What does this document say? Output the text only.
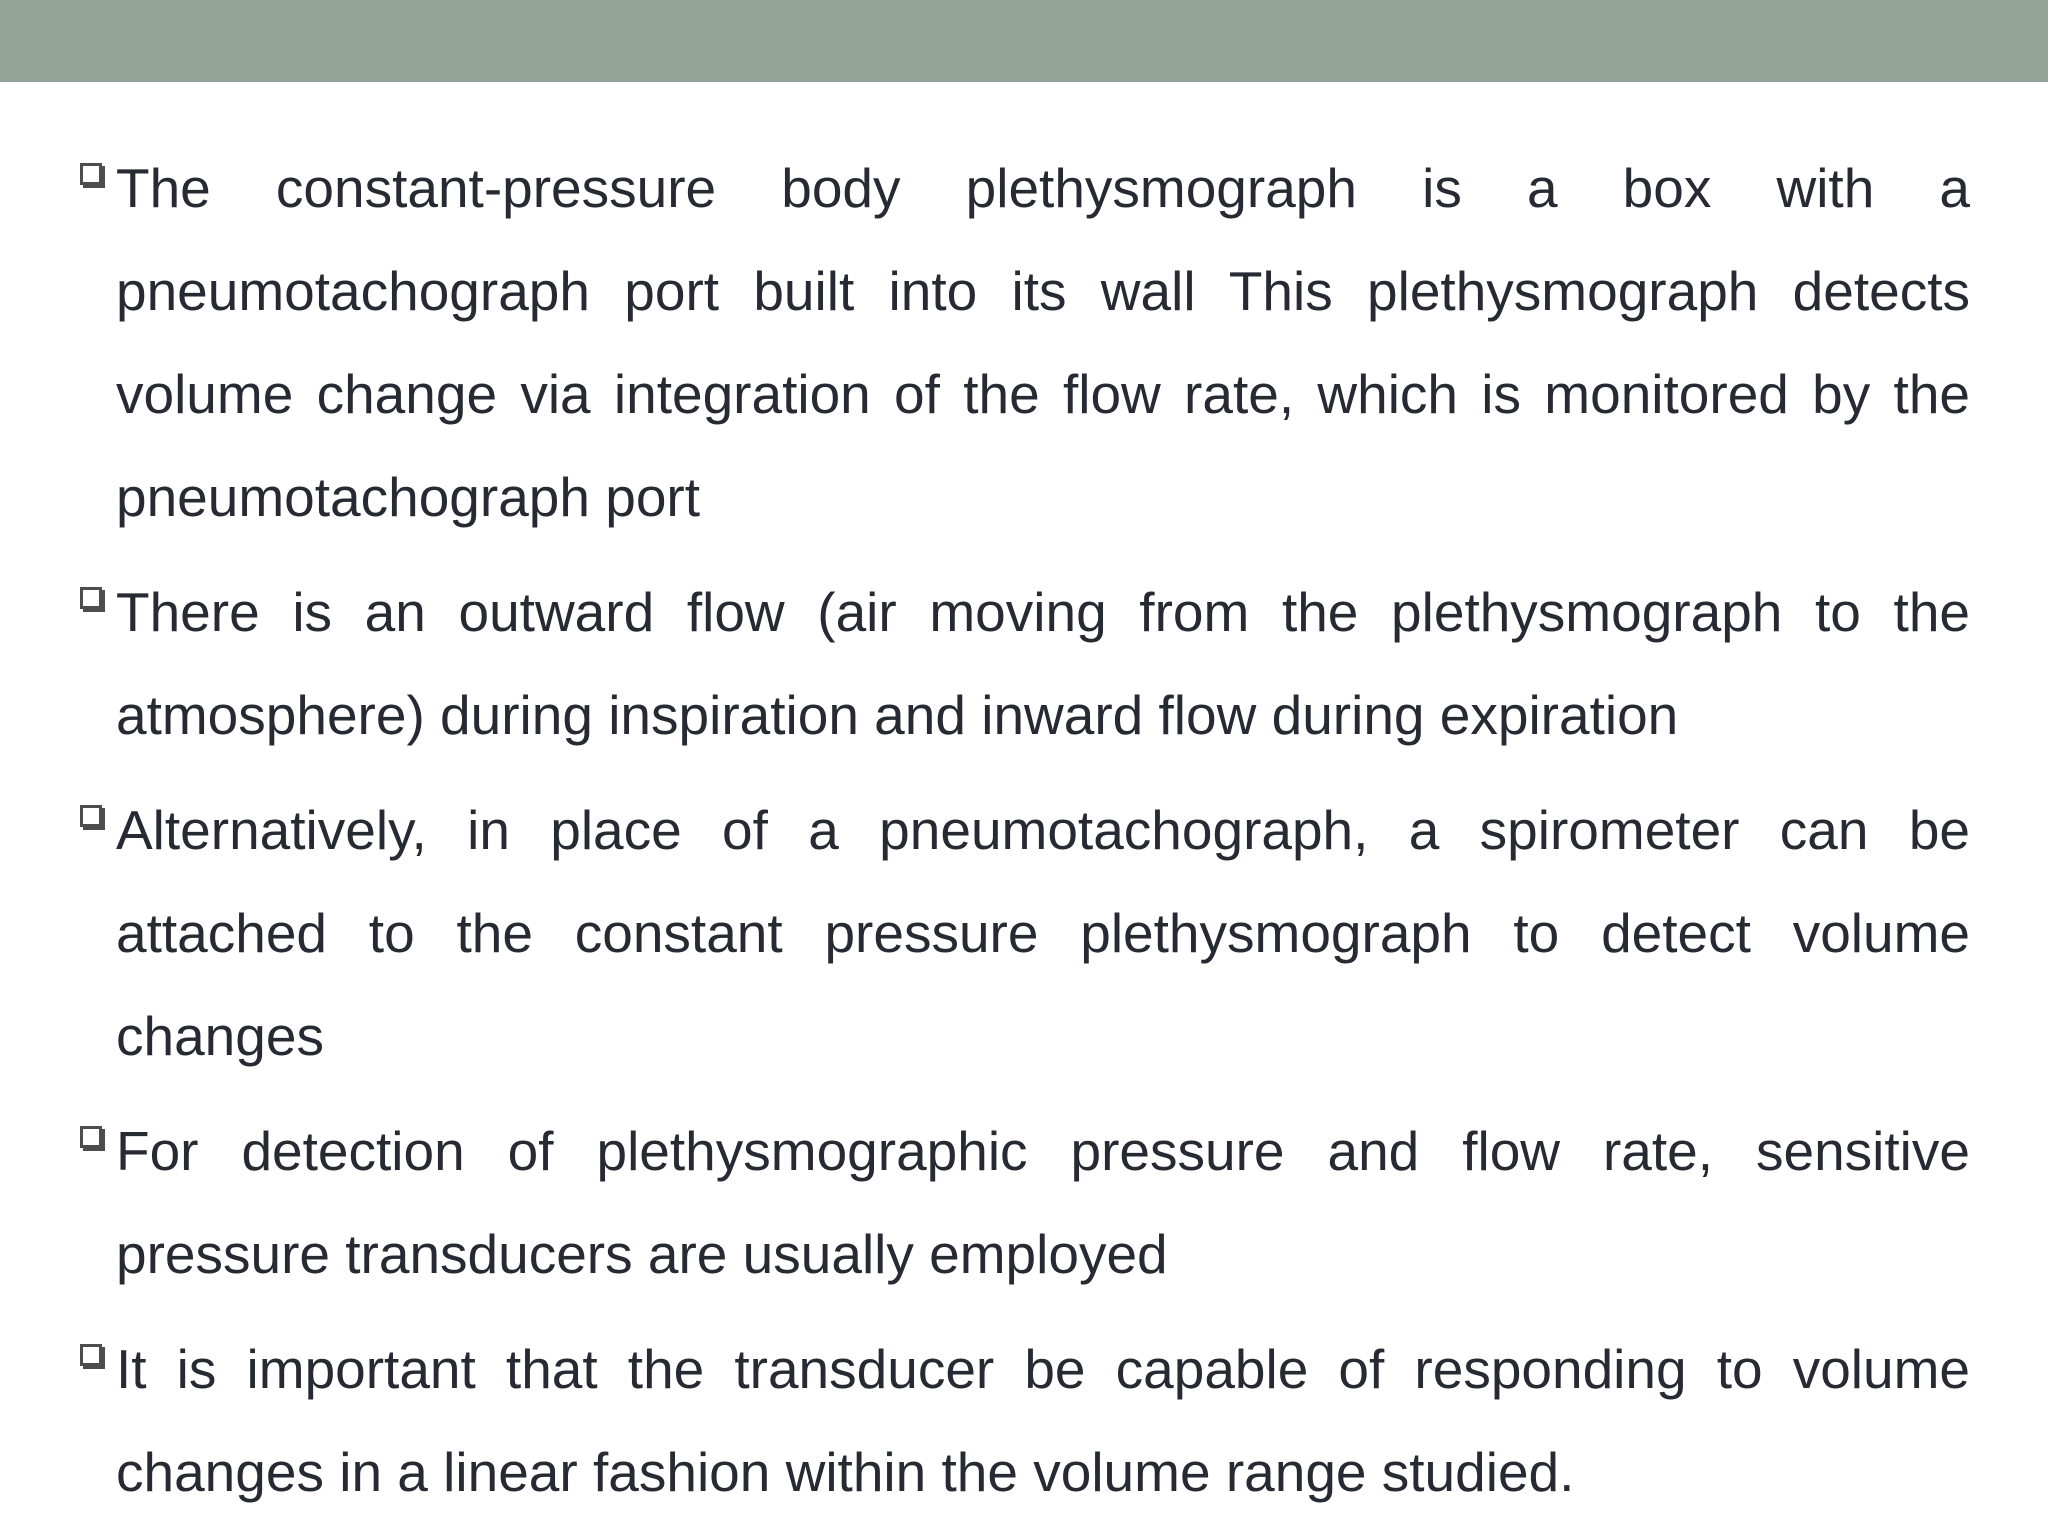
The constant-pressure body plethysmograph is a box with a pneumotachograph port built into its wall This plethysmograph detects volume change via integration of the flow rate, which is monitored by the pneumotachograph port
There is an outward flow (air moving from the plethysmograph to the atmosphere) during inspiration and inward flow during expiration
Alternatively, in place of a pneumotachograph, a spirometer can be attached to the constant pressure plethysmograph to detect volume changes
For detection of plethysmographic pressure and flow rate, sensitive pressure transducers are usually employed
It is important that the transducer be capable of responding to volume changes in a linear fashion within the volume range studied.
